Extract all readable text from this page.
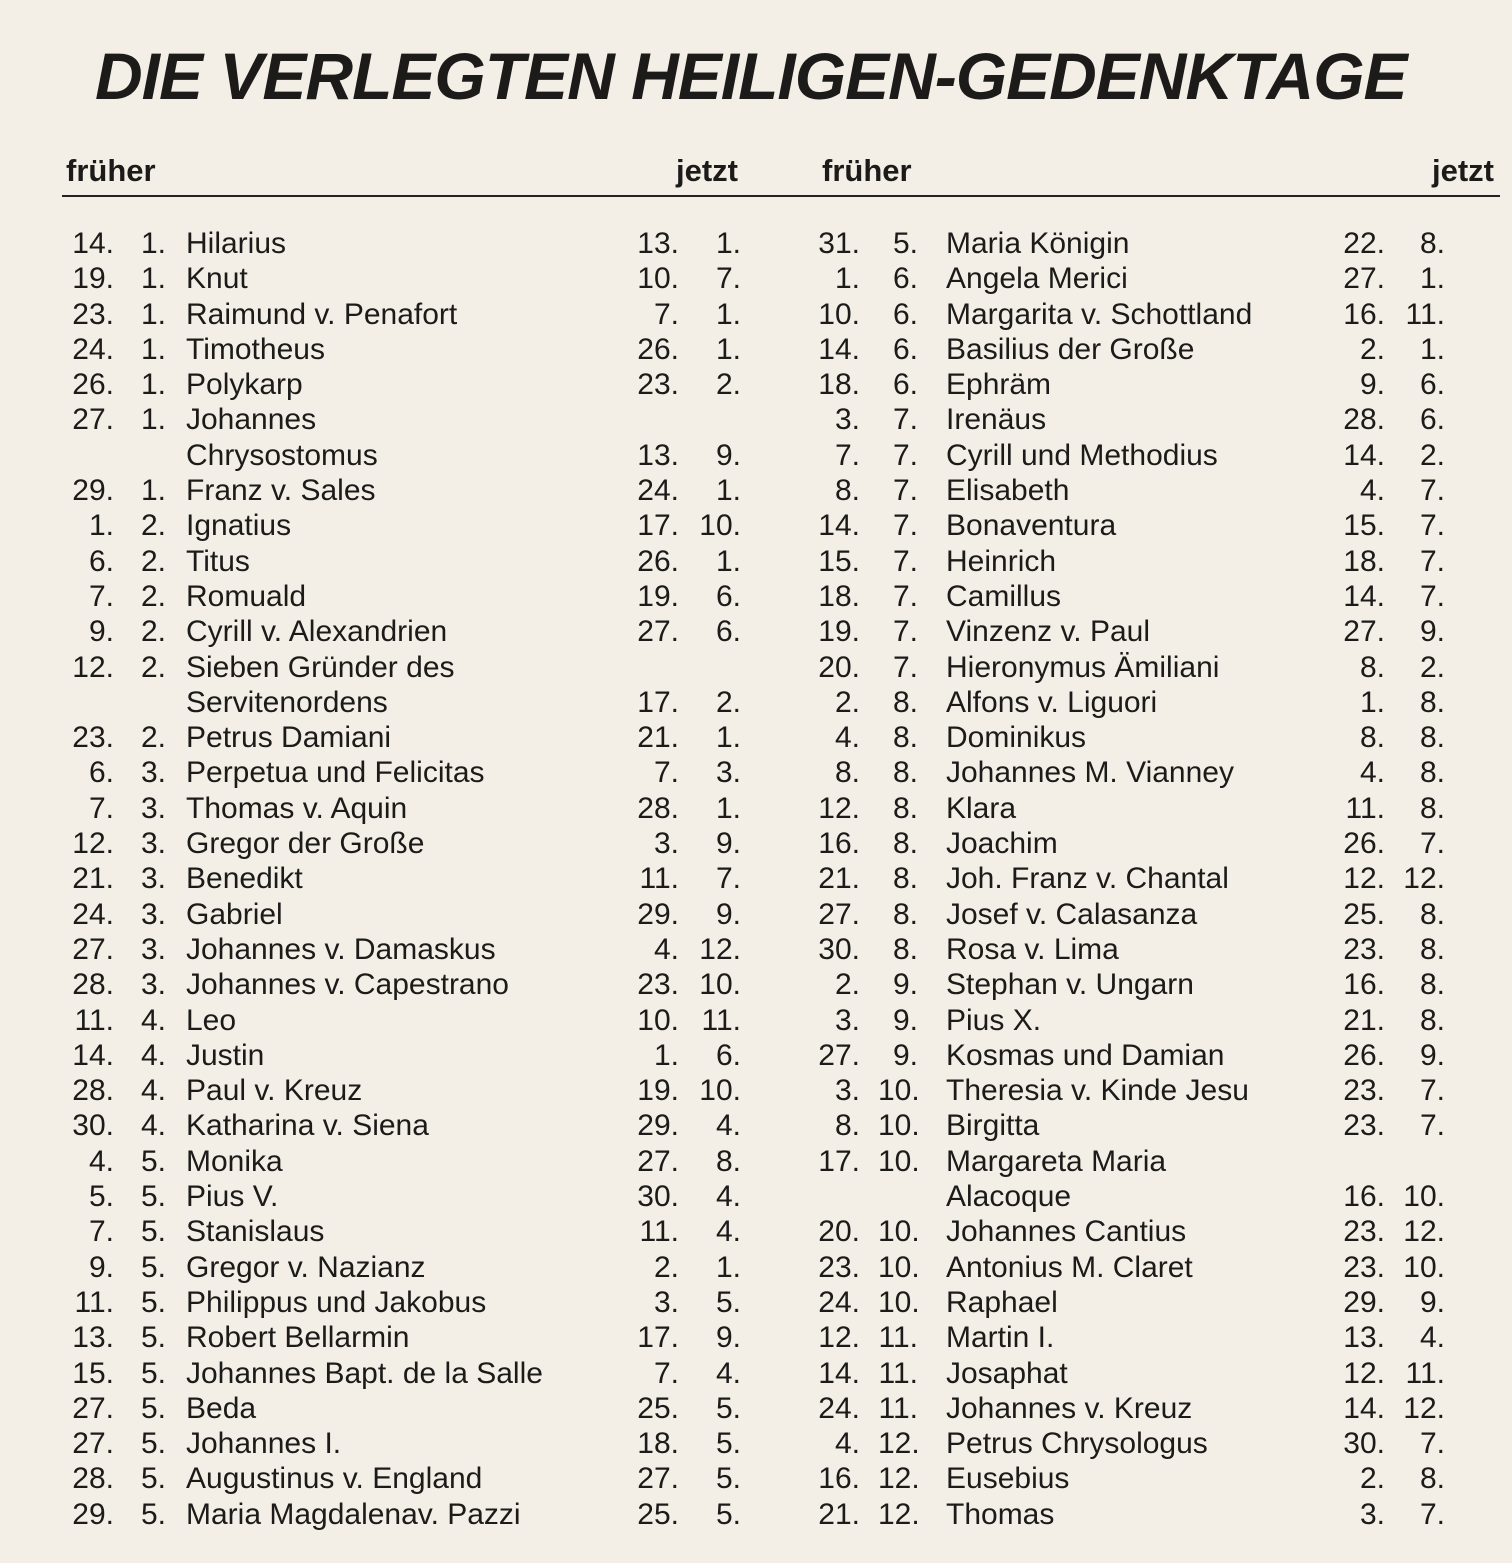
DIE VERLEGTEN HEILIGEN-GEDENKTAGE
früher	jetzt	früher	jetzt
14. 1. Hilarius	13.	1.
19. 1. Knut	10.	7.
23. 1. Raimund v. Penafort	7.	1.
24. 1. Timotheus	26.	1.
26. 1. Polykarp	23.	2.
27. 1. Johannes
Chrysostomus	13.	9.
29. 1. Franz v. Sales	24.	1.
1. 2. Ignatius	17. 10.
6. 2. Titus	26.	1.
7. 2. Romuald	19.	6.
9. 2. Cyrill v. Alexandrien	27.	6.
12. 2. Sieben Gründer des
Servitenordens	17.	2.
23. 2. Petrus Damiani	21.	1.
6. 3. Perpetua und Felicitas	7.	3.
7. 3. Thomas v. Aquin	28.	1.
12. 3. Gregor der Große	3.	9.
21. 3. Benedikt	11.	7.
24. 3. Gabriel	29.	9.
27. 3. Johannes v. Damaskus	4. 12.
28. 3. Johannes v. Capestrano	23. 10.
11. 4. Leo	10. 11.
14. 4. Justin	1.	6.
28. 4. Paul v. Kreuz	19. 10.
30. 4. Katharina v. Siena	29.	4.
4. 5. Monika	27.	8.
5. 5. Pius V.	30.	4.
7. 5. Stanislaus	11.	4.
9. 5. Gregor v. Nazianz	2.	1.
11. 5. Philippus und Jakobus	3.	5.
13. 5. Robert Bellarmin	17.	9.
15. 5. Johannes Bapt. de la Salle	7.	4.
27. 5. Beda	25.	5.
27. 5. Johannes I.	18.	5.
28. 5. Augustinus v. England	27.	5.
29. 5. Maria Magdalenav. Pazzi	25.	5.
31.	5. Maria Königin	22.	8.
1.	6. Angela Merici	27.	1.
10.	6. Margarita v. Schottland	16. 11.
14.	6. Basilius der Große	2.	1.
18.	6. Ephräm	9.	6.
3.	7. Irenäus	28.	6.
7.	7. Cyrill und Methodius	14.	2.
8.	7. Elisabeth	4.	7.
14.	7. Bonaventura	15.	7.
15.	7. Heinrich	18.	7.
18.	7. Camillus	14.	7.
19.	7. Vinzenz v. Paul	27.	9.
20.	7. Hieronymus Ämiliani	8.	2.
2.	8. Alfons v. Liguori	1.	8.
4.	8. Dominikus	8.	8.
8.	8. Johannes M. Vianney	4.	8.
12.	8. Klara	11.	8.
16.	8. Joachim	26.	7.
21.	8. Joh. Franz v. Chantal	12. 12.
27.	8. Josef v. Calasanza	25.	8.
30.	8. Rosa v. Lima	23.	8.
2.	9. Stephan v. Ungarn	16.	8.
3.	9. Pius X.	21.	8.
27.	9. Kosmas und Damian	26.	9.
3. 10. Theresia v. Kinde Jesu	23.	7.
8. 10. Birgitta	23.	7.
17. 10. Margareta Maria
Alacoque	16. 10.
20. 10. Johannes Cantius	23. 12.
23. 10. Antonius M. Claret	23. 10.
24. 10. Raphael	29.	9.
12. 11. Martin I.	13.	4.
14. 11. Josaphat	12. 11.
24. 11. Johannes v. Kreuz	14. 12.
4. 12. Petrus Chrysologus	30.	7.
16. 12. Eusebius	2.	8.
21. 12. Thomas	3.	7.
